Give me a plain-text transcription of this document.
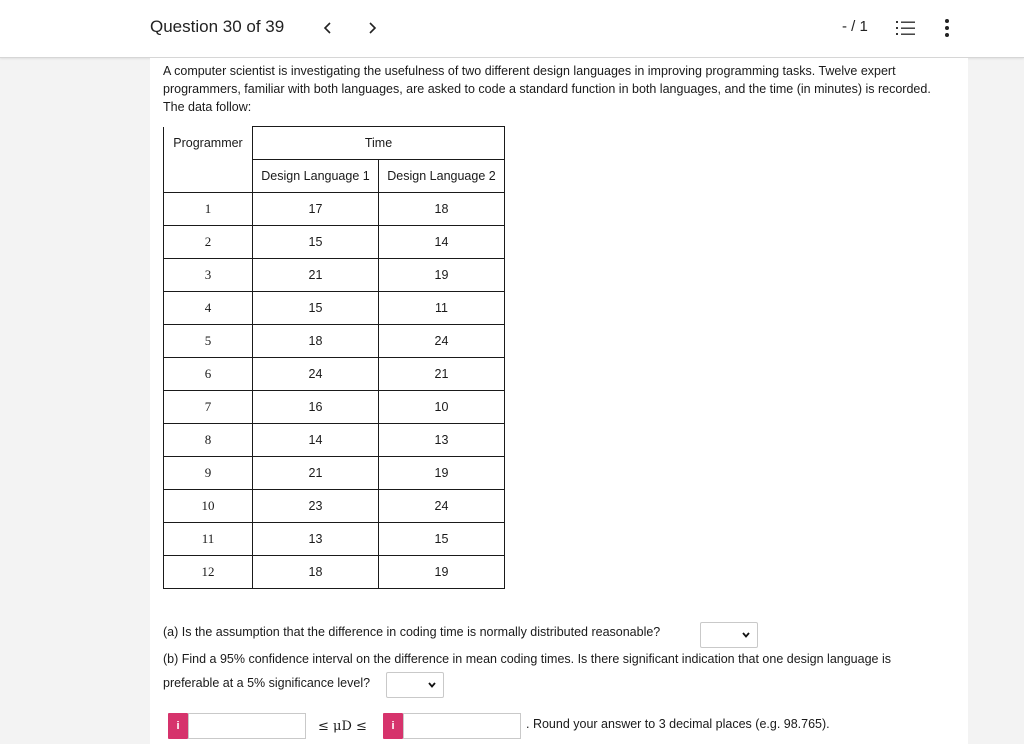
Question 30 of 39	- / 1
A computer scientist is investigating the usefulness of two different design languages in improving programming tasks. Twelve expert programmers, familiar with both languages, are asked to code a standard function in both languages, and the time (in minutes) is recorded. The data follow:
	Time	

Programmer	Design Language 1	Design Language 2
1	17	18
2	15	14
3	21	19
4	15	11
5	18	24
6	24	21
7	16	10
8	14	13
9	21	19
10	23	24
11	13	15
12	18	19
(a) Is the assumption that the difference in coding time is normally distributed reasonable?
(b) Find a 95% confidence interval on the difference in mean coding times. Is there significant indication that one design language is
preferable at a 5% significance level?
i	≤ μD ≤	i	. Round your answer to 3 decimal places (e.g. 98.765).
